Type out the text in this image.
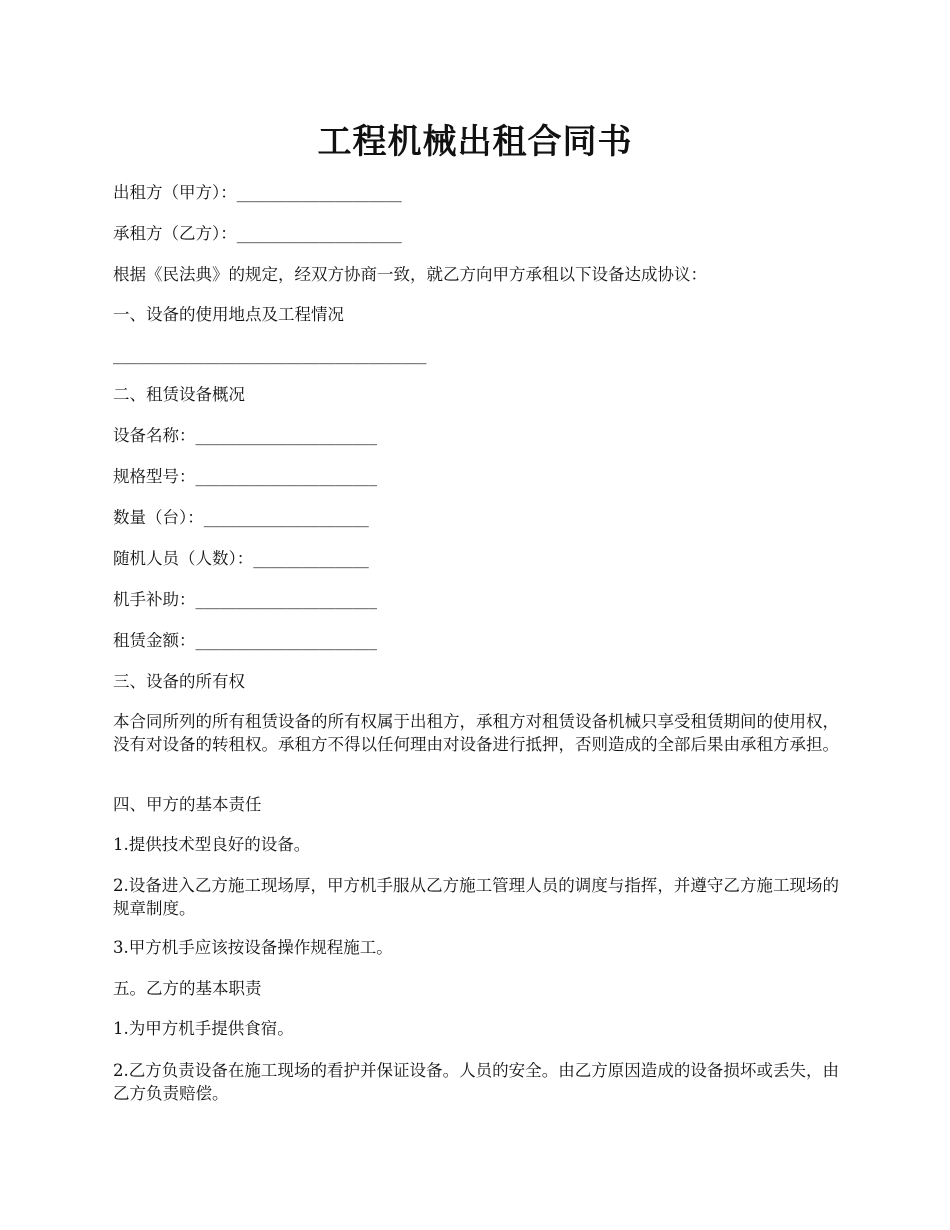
工程机械出租合同书

出租方（甲方）：____________________

承租方（乙方）：____________________

根据《民法典》的规定，经双方协商一致，就乙方向甲方承租以下设备达成协议：

一、设备的使用地点及工程情况

______________________________________

二、租赁设备概况

设备名称：______________________

规格型号：______________________

数量（台）：____________________

随机人员（人数）：______________

机手补助：______________________

租赁金额：______________________

三、设备的所有权

本合同所列的所有租赁设备的所有权属于出租方，承租方对租赁设备机械只享受租赁期间的使用权，没有对设备的转租权。承租方不得以任何理由对设备进行抵押，否则造成的全部后果由承租方承担。

四、甲方的基本责任

1.提供技术型良好的设备。

2.设备进入乙方施工现场厚，甲方机手服从乙方施工管理人员的调度与指挥，并遵守乙方施工现场的规章制度。

3.甲方机手应该按设备操作规程施工。

五。乙方的基本职责

1.为甲方机手提供食宿。

2.乙方负责设备在施工现场的看护并保证设备。人员的安全。由乙方原因造成的设备损坏或丢失，由乙方负责赔偿。
